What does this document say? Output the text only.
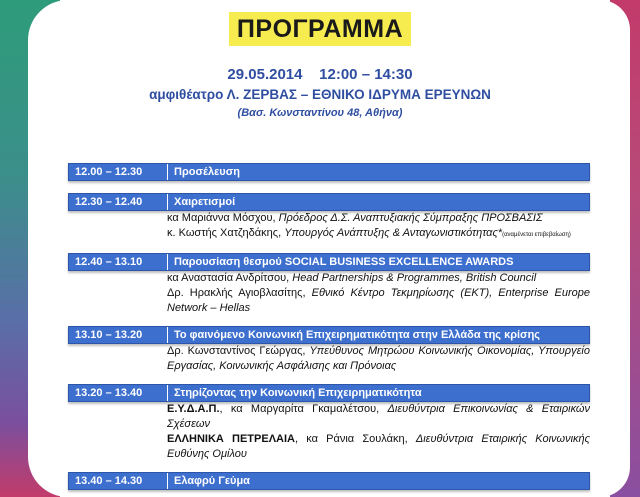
ΠΡΟΓΡΑΜΜΑ
29.05.2014    12:00 – 14:30
αμφιθέατρο Λ. ΖΕΡΒΑΣ – ΕΘΝΙΚΟ ΙΔΡΥΜΑ ΕΡΕΥΝΩΝ
(Βασ. Κωνσταντίνου 48, Αθήνα)
12.00 – 12.30	Προσέλευση
12.30 – 12.40	Χαιρετισμοί
κα Μαριάννα Μόσχου, Πρόεδρος Δ.Σ. Αναπτυξιακής Σύμπραξης ΠΡΟΣΒΑΣΙΣ
κ. Κωστής Χατζηδάκης, Υπουργός Ανάπτυξης & Ανταγωνιστικότητας*(αναμένεται επιβεβαίωση)
12.40 – 13.10	Παρουσίαση θεσμού SOCIAL BUSINESS EXCELLENCE AWARDS
κα Αναστασία Ανδρίτσου, Head Partnerships & Programmes, British Council
Δρ. Ηρακλής Αγιοβλασίτης, Εθνικό Κέντρο Τεκμηρίωσης (ΕΚΤ), Enterprise Europe Network – Hellas
13.10 – 13.20	Το φαινόμενο Κοινωνική Επιχειρηματικότητα στην Ελλάδα της κρίσης
Δρ. Κωνσταντίνος Γεώργας, Υπεύθυνος Μητρώου Κοινωνικής Οικονομίας, Υπουργείο Εργασίας, Κοινωνικής Ασφάλισης και Πρόνοιας
13.20 – 13.40	Στηρίζοντας την Κοινωνική Επιχειρηματικότητα
Ε.Υ.Δ.Α.Π., κα Μαργαρίτα Γκαμαλέτσου, Διευθύντρια Επικοινωνίας & Εταιρικών Σχέσεων
ΕΛΛΗΝΙΚΑ ΠΕΤΡΕΛΑΙΑ, κα Ράνια Σουλάκη, Διευθύντρια Εταιρικής Κοινωνικής Ευθύνης Ομίλου
13.40 – 14.30	Ελαφρύ Γεύμα
